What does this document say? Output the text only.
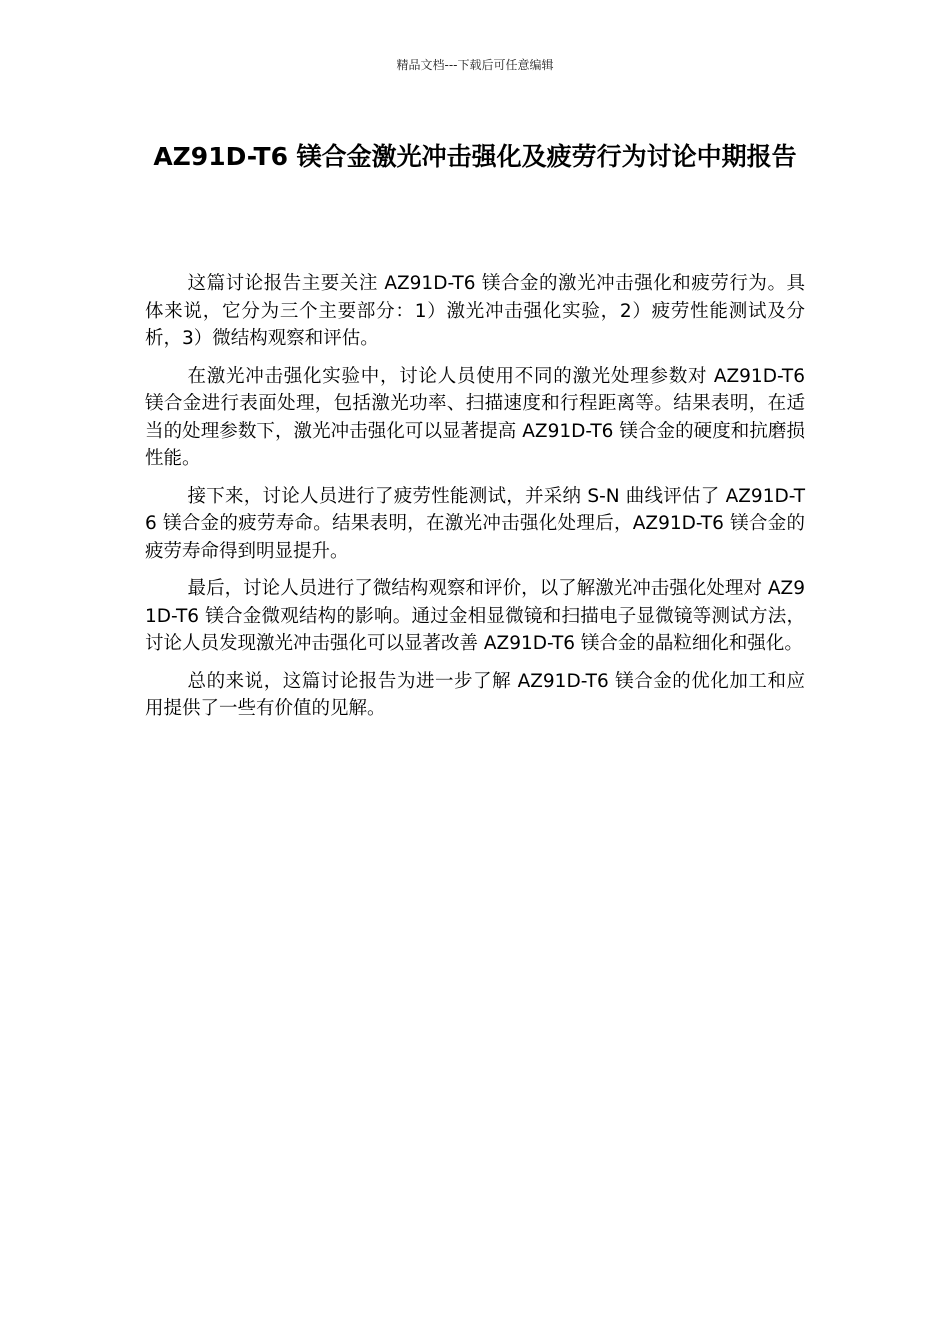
精品文档---下载后可任意编辑
AZ91D-T6 镁合金激光冲击强化及疲劳行为讨论中期报告

这篇讨论报告主要关注 AZ91D-T6 镁合金的激光冲击强化和疲劳行为。具体来说，它分为三个主要部分：1）激光冲击强化实验，2）疲劳性能测试及分析，3）微结构观察和评估。

在激光冲击强化实验中，讨论人员使用不同的激光处理参数对 AZ91D-T6 镁合金进行表面处理，包括激光功率、扫描速度和行程距离等。结果表明，在适当的处理参数下，激光冲击强化可以显著提高 AZ91D-T6 镁合金的硬度和抗磨损性能。

接下来，讨论人员进行了疲劳性能测试，并采纳 S-N 曲线评估了 AZ91D-T6 镁合金的疲劳寿命。结果表明，在激光冲击强化处理后，AZ91D-T6 镁合金的疲劳寿命得到明显提升。

最后，讨论人员进行了微结构观察和评价，以了解激光冲击强化处理对 AZ91D-T6 镁合金微观结构的影响。通过金相显微镜和扫描电子显微镜等测试方法，讨论人员发现激光冲击强化可以显著改善 AZ91D-T6 镁合金的晶粒细化和强化。

总的来说，这篇讨论报告为进一步了解 AZ91D-T6 镁合金的优化加工和应用提供了一些有价值的见解。
